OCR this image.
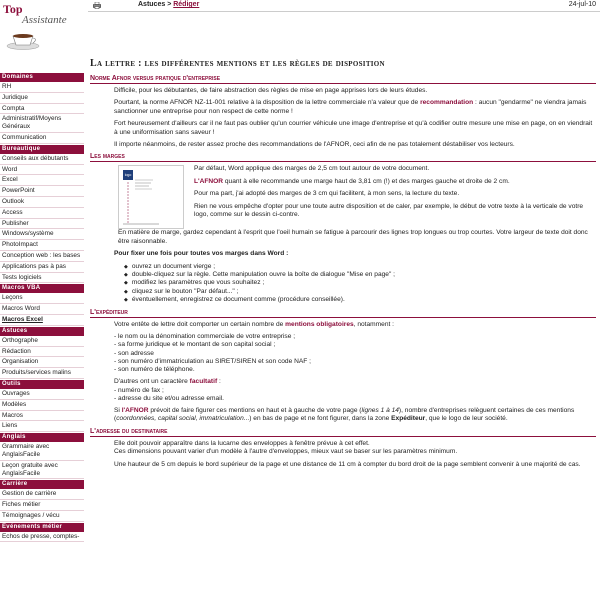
Top
Assistante
Astuces > Rédiger	24-jul-10
Domaines
RH
Juridique
Compta
Administratif/Moyens Généraux
Communication
Bureautique
Conseils aux débutants
Word
Excel
PowerPoint
Outlook
Access
Publisher
Windows/système
PhotoImpact
Conception web : les bases
Applications pas à pas
Tests logiciels
Macros VBA
Leçons
Macros Word
Macros Excel
Astuces
Orthographe
Rédaction
Organisation
Produits/services malins
Outils
Ouvrages
Modèles
Macros
Liens
Anglais
Grammaire avec AnglaisFacile
Leçon gratuite avec AnglaisFacile
Carrière
Gestion de carrière
Fiches métier
Témoignages / vécu
Evénements métier
Echos de presse, comptes-
La lettre : les différentes mentions et les règles de disposition
Norme Afnor versus pratique d'entreprise
Difficile, pour les débutantes, de faire abstraction des règles de mise en page apprises lors de leurs études.
Pourtant, la norme AFNOR NZ-11-001 relative à la disposition de la lettre commerciale n'a valeur que de recommandation : aucun "gendarme" ne viendra jamais sanctionner une entreprise pour non respect de cette norme !
Fort heureusement d'ailleurs car il ne faut pas oublier qu'un courrier véhicule une image d'entreprise et qu'à codifier outre mesure une mise en page, on en viendrait à une uniformisation sans saveur !
Il importe néanmoins, de rester assez proche des recommandations de l'AFNOR, ceci afin de ne pas totalement déstabiliser vos lecteurs.
Les marges
logo
Par défaut, Word applique des marges de 2,5 cm tout autour de votre document.
L'AFNOR quant à elle recommande une marge haut de 3,81 cm (!) et des marges gauche et droite de 2 cm.
Pour ma part, j'ai adopté des marges de 3 cm qui facilitent, à mon sens, la lecture du texte.
Rien ne vous empêche d'opter pour une toute autre disposition et de caler, par exemple, le début de votre texte à la verticale de votre logo, comme sur le dessin ci-contre.
En matière de marge, gardez cependant à l'esprit que l'oeil humain se fatigue à parcourir des lignes trop longues ou trop courtes. Votre largeur de texte doit donc être raisonnable.
Pour fixer une fois pour toutes vos marges dans Word :
◆ ouvrez un document vierge ;
◆ double-cliquez sur la règle. Cette manipulation ouvre la boîte de dialogue "Mise en page" ;
◆ modifiez les paramètres que vous souhaitez ;
◆ cliquez sur le bouton "Par défaut..." ;
◆ éventuellement, enregistrez ce document comme (procédure conseillée).
L'expéditeur
Votre entête de lettre doit comporter un certain nombre de mentions obligatoires, notamment :
- le nom ou la dénomination commerciale de votre entreprise ;
- sa forme juridique et le montant de son capital social ;
- son adresse
- son numéro d'immatriculation au SIRET/SIREN et son code NAF ;
- son numéro de téléphone.
D'autres ont un caractère facultatif :
- numéro de fax ;
- adresse du site et/ou adresse email.
Si l'AFNOR prévoit de faire figurer ces mentions en haut et à gauche de votre page (lignes 1 à 14), nombre d'entreprises relèguent certaines de ces mentions (coordonnées, capital social, immatriculation...) en bas de page et ne font figurer, dans la zone Expéditeur, que le logo de leur société.
L'adresse du destinataire
Elle doit pouvoir apparaître dans la lucarne des enveloppes à fenêtre prévue à cet effet.
Ces dimensions pouvant varier d'un modèle à l'autre d'enveloppes, mieux vaut se baser sur les paramètres minimum.
Une hauteur de 5 cm depuis le bord supérieur de la page et une distance de 11 cm à compter du bord droit de la page semblent convenir à une majorité de cas.
